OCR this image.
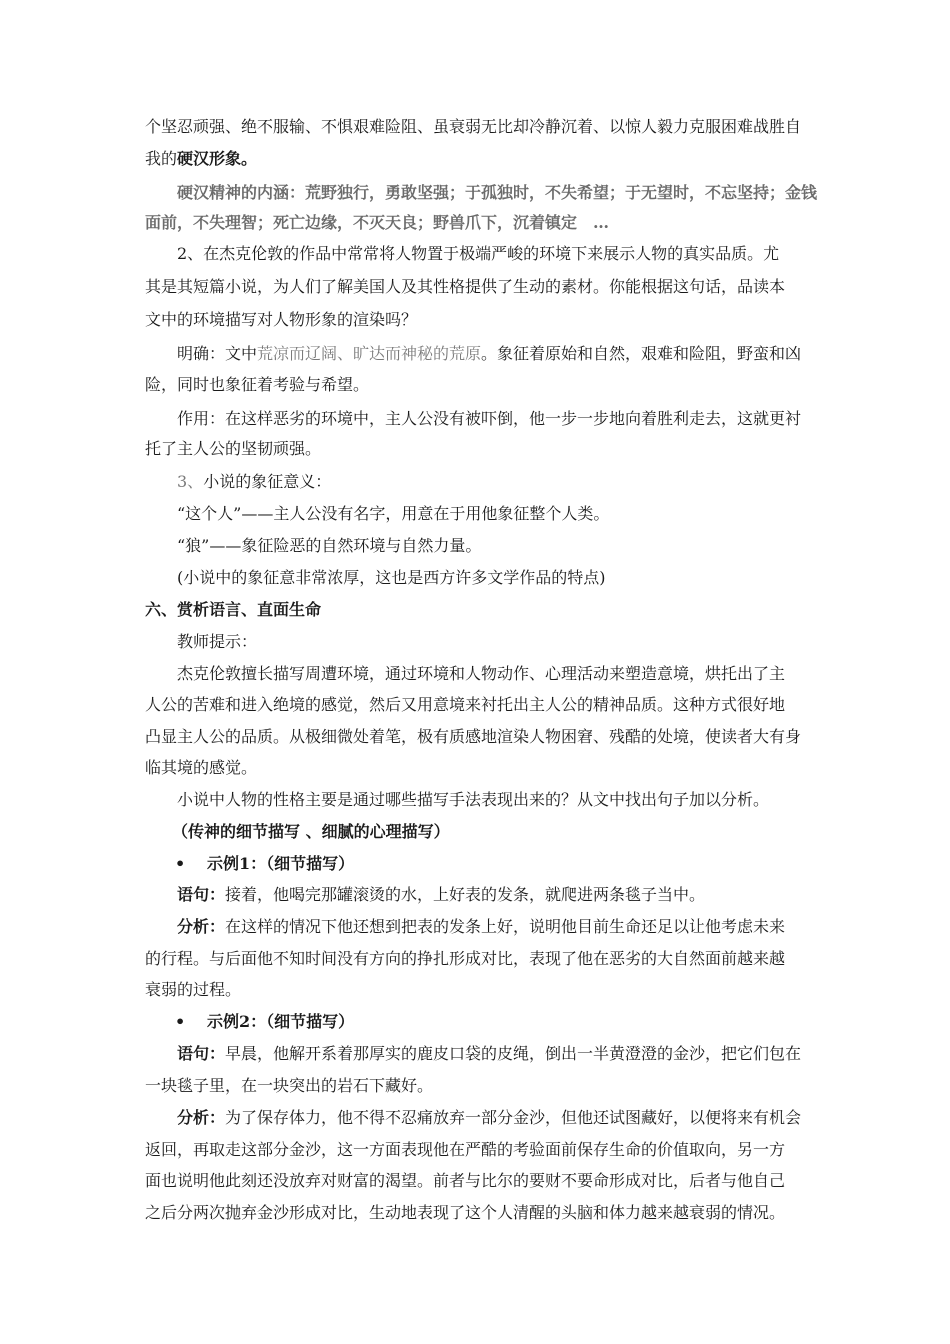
个坚忍顽强、绝不服输、不惧艰难险阻、虽衰弱无比却冷静沉着、以惊人毅力克服困难战胜自
我的硬汉形象。
硬汉精神的内涵：荒野独行，勇敢坚强；于孤独时，不失希望；于无望时，不忘坚持；金钱
面前，不失理智；死亡边缘，不灭天良；野兽爪下，沉着镇定　…
2、在杰克伦敦的作品中常常将人物置于极端严峻的环境下来展示人物的真实品质。尤
其是其短篇小说，为人们了解美国人及其性格提供了生动的素材。你能根据这句话，品读本
文中的环境描写对人物形象的渲染吗？
明确：文中荒凉而辽阔、旷达而神秘的荒原。象征着原始和自然，艰难和险阻，野蛮和凶
险，同时也象征着考验与希望。
作用：在这样恶劣的环境中，主人公没有被吓倒，他一步一步地向着胜利走去，这就更衬
托了主人公的坚韧顽强。
3、小说的象征意义：
“这个人”——主人公没有名字，用意在于用他象征整个人类。
“狼”——象征险恶的自然环境与自然力量。
(小说中的象征意非常浓厚，这也是西方许多文学作品的特点)
六、赏析语言、直面生命
教师提示：
杰克伦敦擅长描写周遭环境，通过环境和人物动作、心理活动来塑造意境，烘托出了主
人公的苦难和进入绝境的感觉，然后又用意境来衬托出主人公的精神品质。这种方式很好地
凸显主人公的品质。从极细微处着笔，极有质感地渲染人物困窘、残酷的处境，使读者大有身
临其境的感觉。
小说中人物的性格主要是通过哪些描写手法表现出来的？从文中找出句子加以分析。
（传神的细节描写 、细腻的心理描写）
• 示例1：（细节描写）
语句：接着，他喝完那罐滚烫的水，上好表的发条，就爬进两条毯子当中。
分析：在这样的情况下他还想到把表的发条上好，说明他目前生命还足以让他考虑未来
的行程。与后面他不知时间没有方向的挣扎形成对比，表现了他在恶劣的大自然面前越来越
衰弱的过程。
• 示例2：（细节描写）
语句：早晨，他解开系着那厚实的鹿皮口袋的皮绳，倒出一半黄澄澄的金沙，把它们包在
一块毯子里，在一块突出的岩石下藏好。
分析：为了保存体力，他不得不忍痛放弃一部分金沙，但他还试图藏好，以便将来有机会
返回，再取走这部分金沙，这一方面表现他在严酷的考验面前保存生命的价值取向，另一方
面也说明他此刻还没放弃对财富的渴望。前者与比尔的要财不要命形成对比，后者与他自己
之后分两次抛弃金沙形成对比，生动地表现了这个人清醒的头脑和体力越来越衰弱的情况。
